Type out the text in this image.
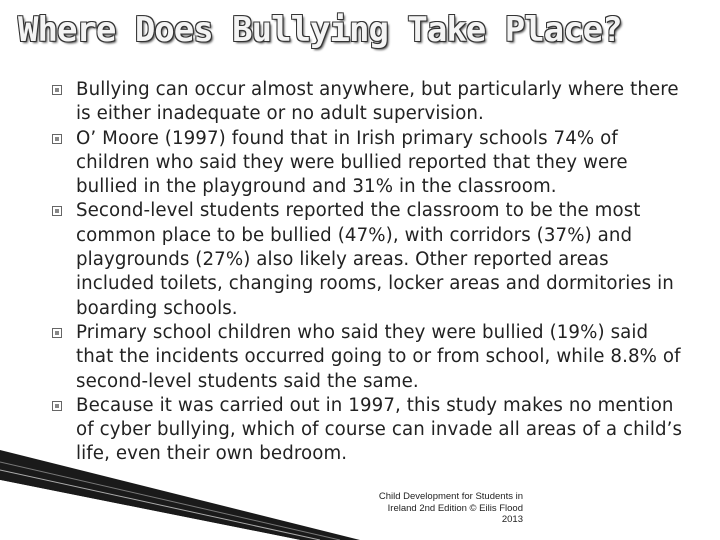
Where Does Bullying Take Place?
Bullying can occur almost anywhere, but particularly where there is either inadequate or no adult supervision.
O’ Moore (1997) found that in Irish primary schools 74% of children who said they were bullied reported that they were bullied in the playground and 31% in the classroom.
Second-level students reported the classroom to be the most common place to be bullied (47%), with corridors (37%) and playgrounds (27%) also likely areas. Other reported areas included toilets, changing rooms, locker areas and dormitories in boarding schools.
Primary school children who said they were bullied (19%) said that the incidents occurred going to or from school, while 8.8% of second-level students said the same.
Because it was carried out in 1997, this study makes no mention of cyber bullying, which of course can invade all areas of a child’s life, even their own bedroom.
Child Development for Students in
Ireland 2nd Edition © Eilis Flood
2013
